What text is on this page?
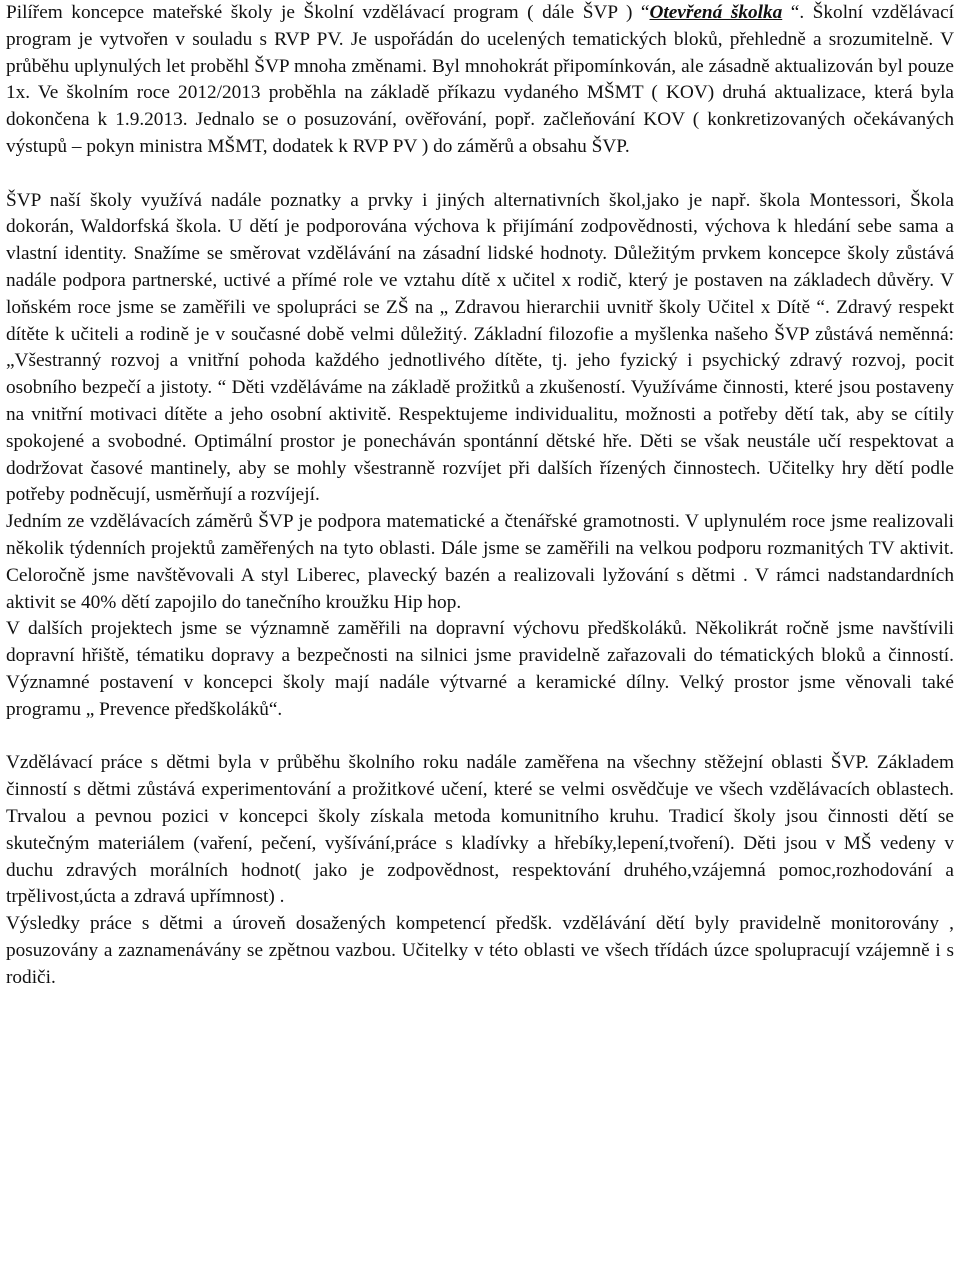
Pilířem koncepce mateřské školy je Školní vzdělávací program ( dále ŠVP ) “Otevřená školka “. Školní vzdělávací program je vytvořen v souladu s RVP PV. Je uspořádán do ucelených tematických bloků, přehledně a srozumitelně. V průběhu uplynulých let proběhl ŠVP mnoha změnami. Byl mnohokrát připomínkován, ale zásadně aktualizován byl pouze 1x. Ve školním roce 2012/2013 proběhla na základě příkazu vydaného MŠMT ( KOV) druhá aktualizace, která byla dokončena k 1.9.2013. Jednalo se o posuzování, ověřování, popř. začleňování KOV ( konkretizovaných očekávaných výstupů – pokyn ministra MŠMT, dodatek k RVP PV ) do záměrů a obsahu ŠVP.

ŠVP naší školy využívá nadále poznatky a prvky i jiných alternativních škol,jako je např. škola Montessori, Škola dokorán, Waldorfská škola. U dětí je podporována výchova k přijímání zodpovědnosti, výchova k hledání sebe sama a vlastní identity. Snažíme se směrovat vzdělávání na zásadní lidské hodnoty. Důležitým prvkem koncepce školy zůstává nadále podpora partnerské, uctivé a přímé role ve vztahu dítě x učitel x rodič, který je postaven na základech důvěry. V loňském roce jsme se zaměřili ve spolupráci se ZŠ na „ Zdravou hierarchii uvnitř školy Učitel x Dítě “. Zdravý respekt dítěte k učiteli a rodině je v současné době velmi důležitý. Základní filozofie a myšlenka našeho ŠVP zůstává neměnná: „Všestranný rozvoj a vnitřní pohoda každého jednotlivého dítěte, tj. jeho fyzický i psychický zdravý rozvoj, pocit osobního bezpečí a jistoty. “ Děti vzděláváme na základě prožitků a zkušeností. Využíváme činnosti, které jsou postaveny na vnitřní motivaci dítěte a jeho osobní aktivitě. Respektujeme individualitu, možnosti a potřeby dětí tak, aby se cítily spokojené a svobodné. Optimální prostor je ponecháván spontánní dětské hře. Děti se však neustále učí respektovat a dodržovat časové mantinely, aby se mohly všestranně rozvíjet při dalších řízených činnostech. Učitelky hry dětí podle potřeby podněcují, usměrňují a rozvíjejí.

Jedním ze vzdělávacích záměrů ŠVP je podpora matematické a čtenářské gramotnosti. V uplynulém roce jsme realizovali několik týdenních projektů zaměřených na tyto oblasti. Dále jsme se zaměřili na velkou podporu rozmanitých TV aktivit. Celoročně jsme navštěvovali A styl Liberec, plavecký bazén a realizovali lyžování s dětmi . V rámci nadstandardních aktivit se 40% dětí zapojilo do tanečního kroužku Hip hop.

V dalších projektech jsme se významně zaměřili na dopravní výchovu předškoláků. Několikrát ročně jsme navštívili dopravní hřiště, tématiku dopravy a bezpečnosti na silnici jsme pravidelně zařazovali do tématických bloků a činností. Významné postavení v koncepci školy mají nadále výtvarné a keramické dílny. Velký prostor jsme věnovali také programu „ Prevence předškoláků“.

Vzdělávací práce s dětmi byla v průběhu školního roku nadále zaměřena na všechny stěžejní oblasti ŠVP. Základem činností s dětmi zůstává experimentování a prožitkové učení, které se velmi osvědčuje ve všech vzdělávacích oblastech. Trvalou a pevnou pozici v koncepci školy získala metoda komunitního kruhu. Tradicí školy jsou činnosti dětí se skutečným materiálem (vaření, pečení, vyšívání,práce s kladívky a hřebíky,lepení,tvoření). Děti jsou v MŠ vedeny v duchu zdravých morálních hodnot( jako je zodpovědnost, respektování druhého,vzájemná pomoc,rozhodování a trpělivost,úcta a zdravá upřímnost) .

Výsledky práce s dětmi a úroveň dosažených kompetencí předšk. vzdělávání dětí byly pravidelně monitorovány , posuzovány a zaznamenávány se zpětnou vazbou. Učitelky v této oblasti ve všech třídách úzce spolupracují vzájemně i s rodiči.
